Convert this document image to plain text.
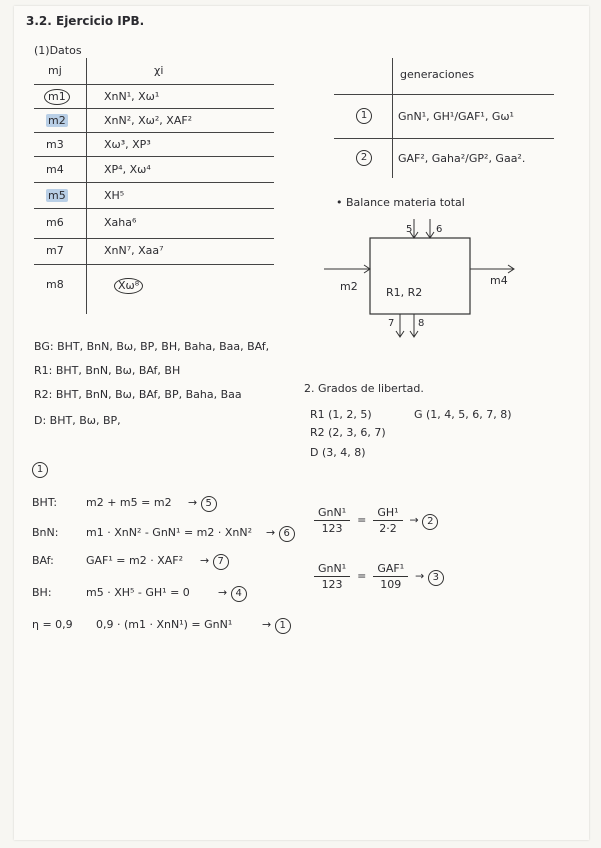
3.2. Ejercicio IPB.
(1)Datos
mj	χi
m1	XnN¹, Xω¹
m2	XnN², Xω², XAF²
m3	Xω³, XP³
m4	XP⁴, Xω⁴
m5	XH⁵
m6	Xaha⁶
m7	XnN⁷, Xaa⁷
m8	Xω⁸
generaciones
1	GnN¹, GH¹/GAF¹, Gω¹
2	GAF², Gaha²/GP², Gaa².
• Balance materia total
5 6
7 8
m2	m4
R1, R2
BG: BHT, BnN, Bω, BP, BH, Baha, Baa, BAf,
R1: BHT, BnN, Bω, BAf, BH
R2: BHT, BnN, Bω, BAf, BP, Baha, Baa
D: BHT, Bω, BP,
2. Grados de libertad.
R1 (1, 2, 5)	G (1, 4, 5, 6, 7, 8)
R2 (2, 3, 6, 7)
D (3, 4, 8)
1
BHT:	m2 + m5 = m2 → 5
BnN:	m1 · XnN² - GnN¹ = m2 · XnN² → 6
BAf:	GAF¹ = m2 · XAF² → 7
BH:	m5 · XH⁵ - GH¹ = 0	→ 4
η = 0,9 0,9 · (m1 · XnN¹) = GnN¹	→ 1
$\frac{\text{GnN¹}}{123} = \frac{\text{GH¹}}{2\cdot 2} \to 2$
$\frac{\text{GnN¹}}{123} = \frac{\text{GAF¹}}{109} \to 3$
